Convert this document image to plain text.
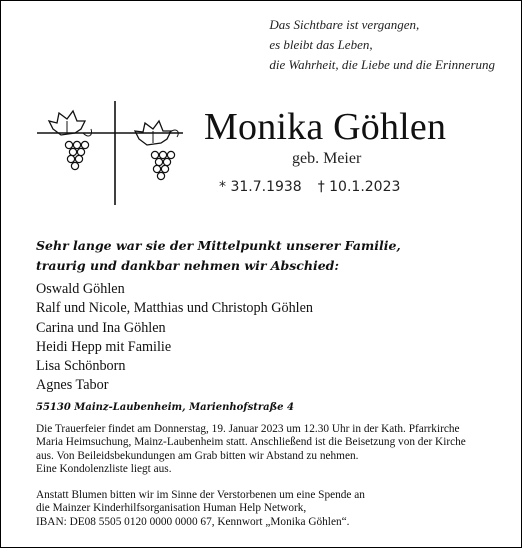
Das Sichtbare ist vergangen,
es bleibt das Leben,
die Wahrheit, die Liebe und die Erinnerung
Monika Göhlen
geb. Meier
* 31.7.1938 † 10.1.2023
Sehr lange war sie der Mittelpunkt unserer Familie,
traurig und dankbar nehmen wir Abschied:
Oswald Göhlen
Ralf und Nicole, Matthias und Christoph Göhlen
Carina und Ina Göhlen
Heidi Hepp mit Familie
Lisa Schönborn
Agnes Tabor
55130 Mainz-Laubenheim, Marienhofstraße 4
Die Trauerfeier findet am Donnerstag, 19. Januar 2023 um 12.30 Uhr in der Kath. Pfarrkirche
Maria Heimsuchung, Mainz-Laubenheim statt. Anschließend ist die Beisetzung von der Kirche
aus. Von Beileidsbekundungen am Grab bitten wir Abstand zu nehmen.
Eine Kondolenzliste liegt aus.
Anstatt Blumen bitten wir im Sinne der Verstorbenen um eine Spende an
die Mainzer Kinderhilfsorganisation Human Help Network,
IBAN: DE08 5505 0120 0000 0000 67, Kennwort „Monika Göhlen“.
